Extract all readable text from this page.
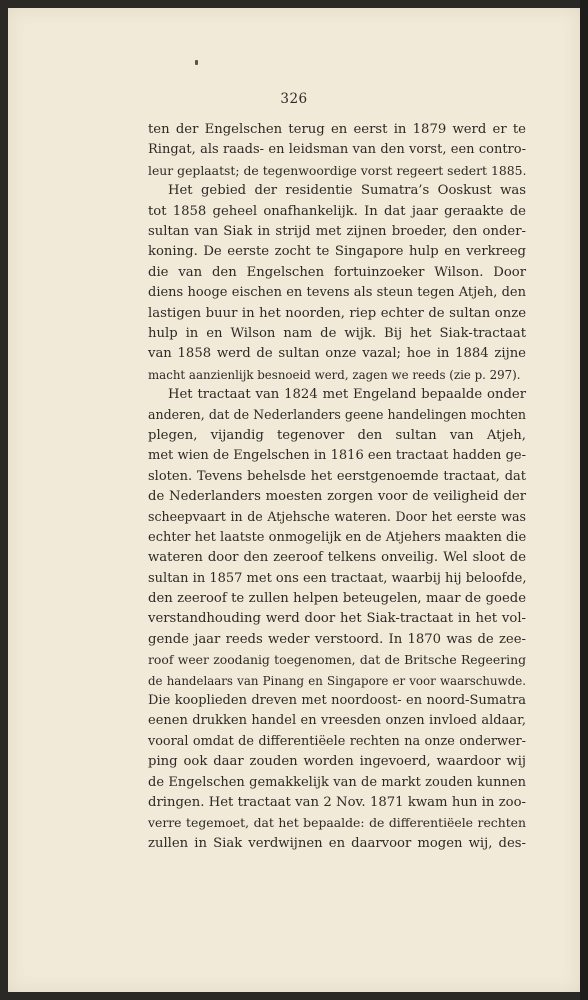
326
ten der Engelschen terug en eerst in 1879 werd er te
Ringat, als raads- en leidsman van den vorst, een contro-
leur geplaatst; de tegenwoordige vorst regeert sedert 1885.
Het gebied der residentie Sumatra’s Ooskust was
tot 1858 geheel onafhankelijk. In dat jaar geraakte de
sultan van Siak in strijd met zijnen broeder, den onder-
koning. De eerste zocht te Singapore hulp en verkreeg
die van den Engelschen fortuinzoeker Wilson. Door
diens hooge eischen en tevens als steun tegen Atjeh, den
lastigen buur in het noorden, riep echter de sultan onze
hulp in en Wilson nam de wijk. Bij het Siak-tractaat
van 1858 werd de sultan onze vazal; hoe in 1884 zijne
macht aanzienlijk besnoeid werd, zagen we reeds (zie p. 297).
Het tractaat van 1824 met Engeland bepaalde onder
anderen, dat de Nederlanders geene handelingen mochten
plegen, vijandig tegenover den sultan van Atjeh,
met wien de Engelschen in 1816 een tractaat hadden ge-
sloten. Tevens behelsde het eerstgenoemde tractaat, dat
de Nederlanders moesten zorgen voor de veiligheid der
scheepvaart in de Atjehsche wateren. Door het eerste was
echter het laatste onmogelijk en de Atjehers maakten die
wateren door den zeeroof telkens onveilig. Wel sloot de
sultan in 1857 met ons een tractaat, waarbij hij beloofde,
den zeeroof te zullen helpen beteugelen, maar de goede
verstandhouding werd door het Siak-tractaat in het vol-
gende jaar reeds weder verstoord. In 1870 was de zee-
roof weer zoodanig toegenomen, dat de Britsche Regeering
de handelaars van Pinang en Singapore er voor waarschuwde.
Die kooplieden dreven met noordoost- en noord-Sumatra
eenen drukken handel en vreesden onzen invloed aldaar,
vooral omdat de differentiëele rechten na onze onderwer-
ping ook daar zouden worden ingevoerd, waardoor wij
de Engelschen gemakkelijk van de markt zouden kunnen
dringen. Het tractaat van 2 Nov. 1871 kwam hun in zoo-
verre tegemoet, dat het bepaalde: de differentiëele rechten
zullen in Siak verdwijnen en daarvoor mogen wij, des-
